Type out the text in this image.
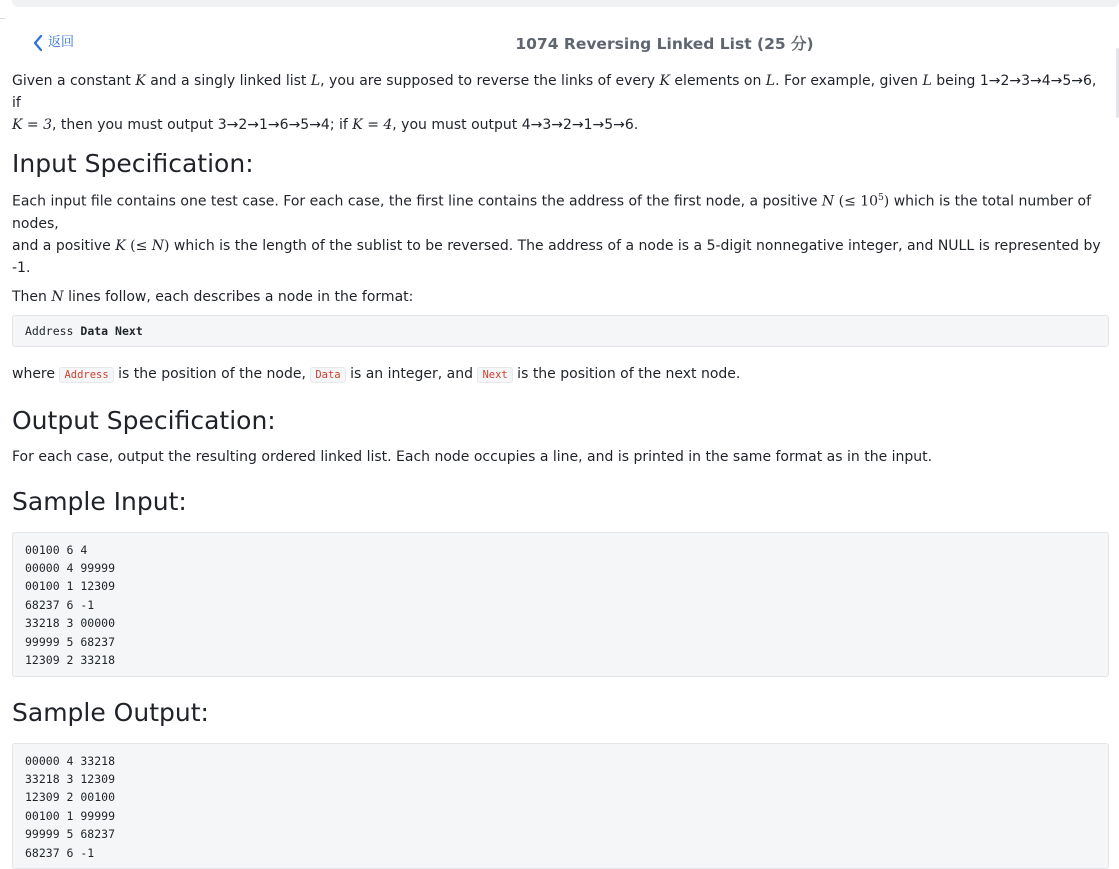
返回	1074 Reversing Linked List (25 分)

Given a constant K and a singly linked list L, you are supposed to reverse the links of every K elements on L. For example, given L being 1→2→3→4→5→6, if
K = 3, then you must output 3→2→1→6→5→4; if K = 4, you must output 4→3→2→1→5→6.

Input Specification:

Each input file contains one test case. For each case, the first line contains the address of the first node, a positive N (≤ $10^5$) which is the total number of nodes,
and a positive K (≤ N) which is the length of the sublist to be reversed. The address of a node is a 5-digit nonnegative integer, and NULL is represented by -1.

Then N lines follow, each describes a node in the format:

Address Data Next

where Address is the position of the node, Data is an integer, and Next is the position of the next node.

Output Specification:

For each case, output the resulting ordered linked list. Each node occupies a line, and is printed in the same format as in the input.

Sample Input:
00100 6 4
00000 4 99999
00100 1 12309
68237 6 -1
33218 3 00000
99999 5 68237
12309 2 33218
Sample Output:
00000 4 33218
33218 3 12309
12309 2 00100
00100 1 99999
99999 5 68237
68237 6 -1
